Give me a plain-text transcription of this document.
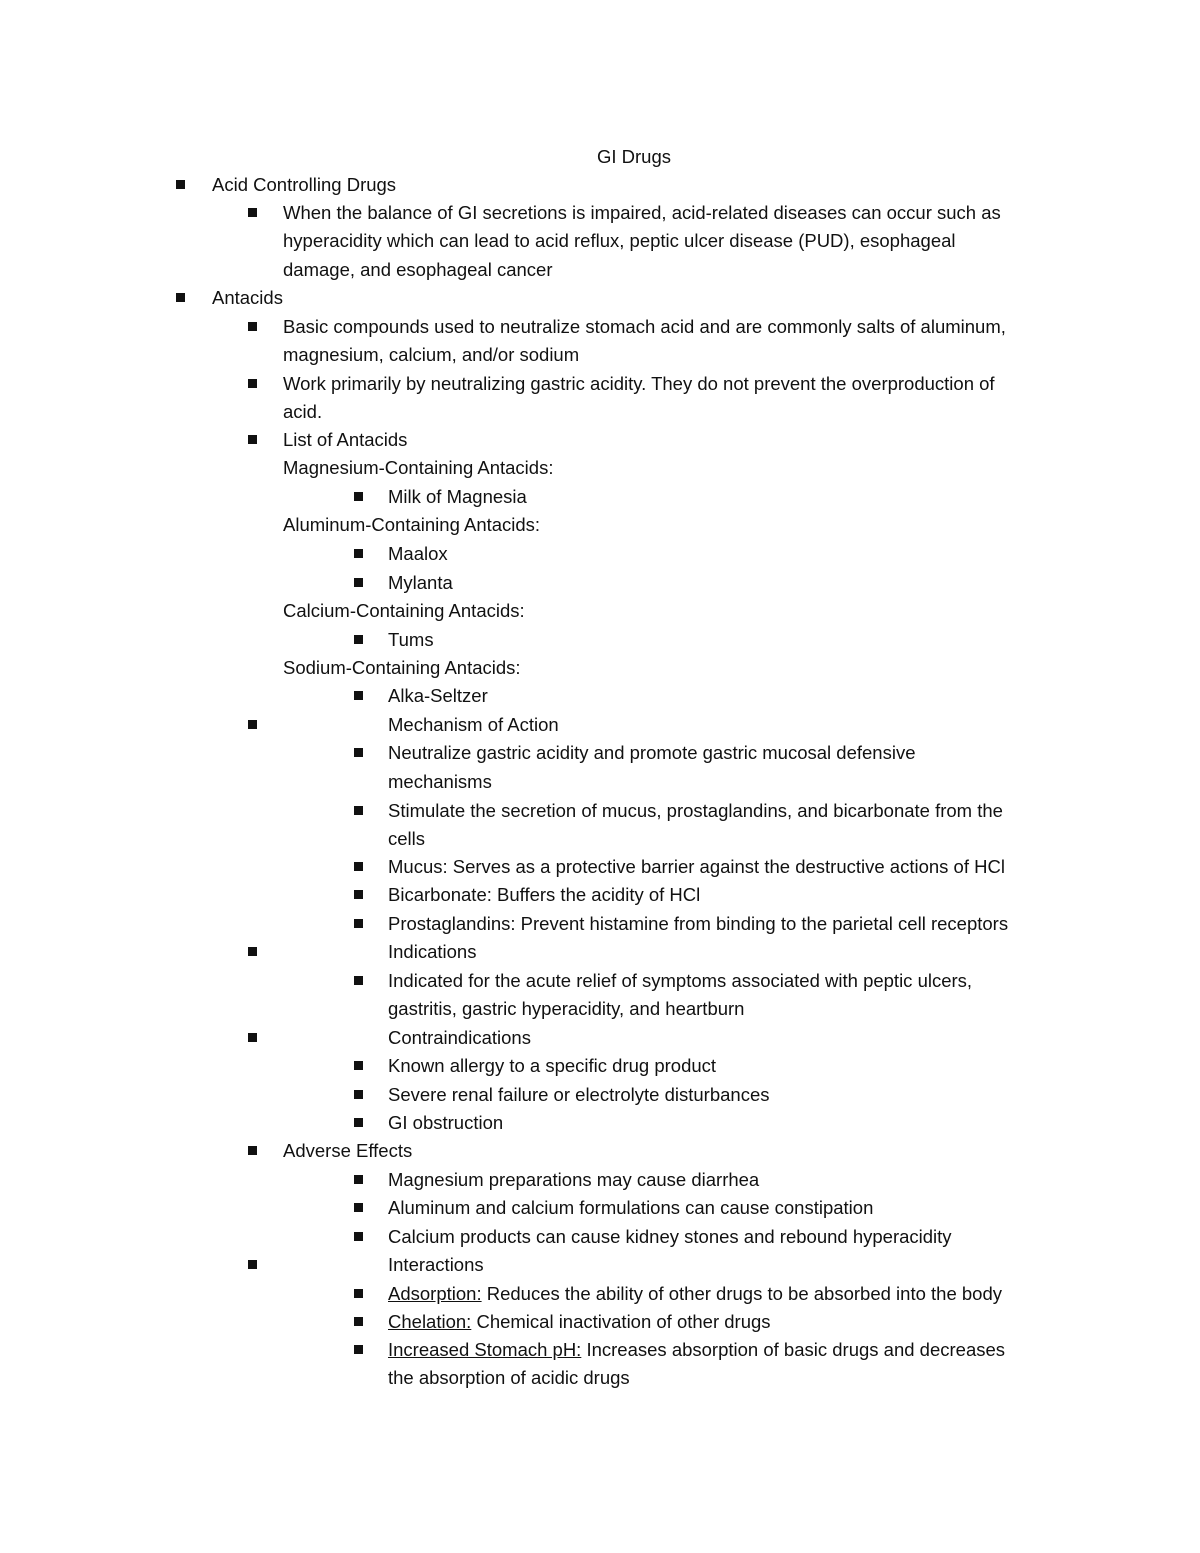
GI Drugs
Acid Controlling Drugs
When the balance of GI secretions is impaired, acid-related diseases can occur such as
hyperacidity which can lead to acid reflux, peptic ulcer disease (PUD), esophageal
damage, and esophageal cancer
Antacids
Basic compounds used to neutralize stomach acid and are commonly salts of aluminum,
magnesium, calcium, and/or sodium
Work primarily by neutralizing gastric acidity. They do not prevent the overproduction of
acid.
List of Antacids
Magnesium-Containing Antacids:
Milk of Magnesia
Aluminum-Containing Antacids:
Maalox
Mylanta
Calcium-Containing Antacids:
Tums
Sodium-Containing Antacids:
Alka-Seltzer
Mechanism of Action
Neutralize gastric acidity and promote gastric mucosal defensive
mechanisms
Stimulate the secretion of mucus, prostaglandins, and bicarbonate from the
cells
Mucus: Serves as a protective barrier against the destructive actions of HCl
Bicarbonate: Buffers the acidity of HCl
Prostaglandins: Prevent histamine from binding to the parietal cell receptors
Indications
Indicated for the acute relief of symptoms associated with peptic ulcers,
gastritis, gastric hyperacidity, and heartburn
Contraindications
Known allergy to a specific drug product
Severe renal failure or electrolyte disturbances
GI obstruction
Adverse Effects
Magnesium preparations may cause diarrhea
Aluminum and calcium formulations can cause constipation
Calcium products can cause kidney stones and rebound hyperacidity
Interactions
Adsorption: Reduces the ability of other drugs to be absorbed into the body
Chelation: Chemical inactivation of other drugs
Increased Stomach pH: Increases absorption of basic drugs and decreases
the absorption of acidic drugs
